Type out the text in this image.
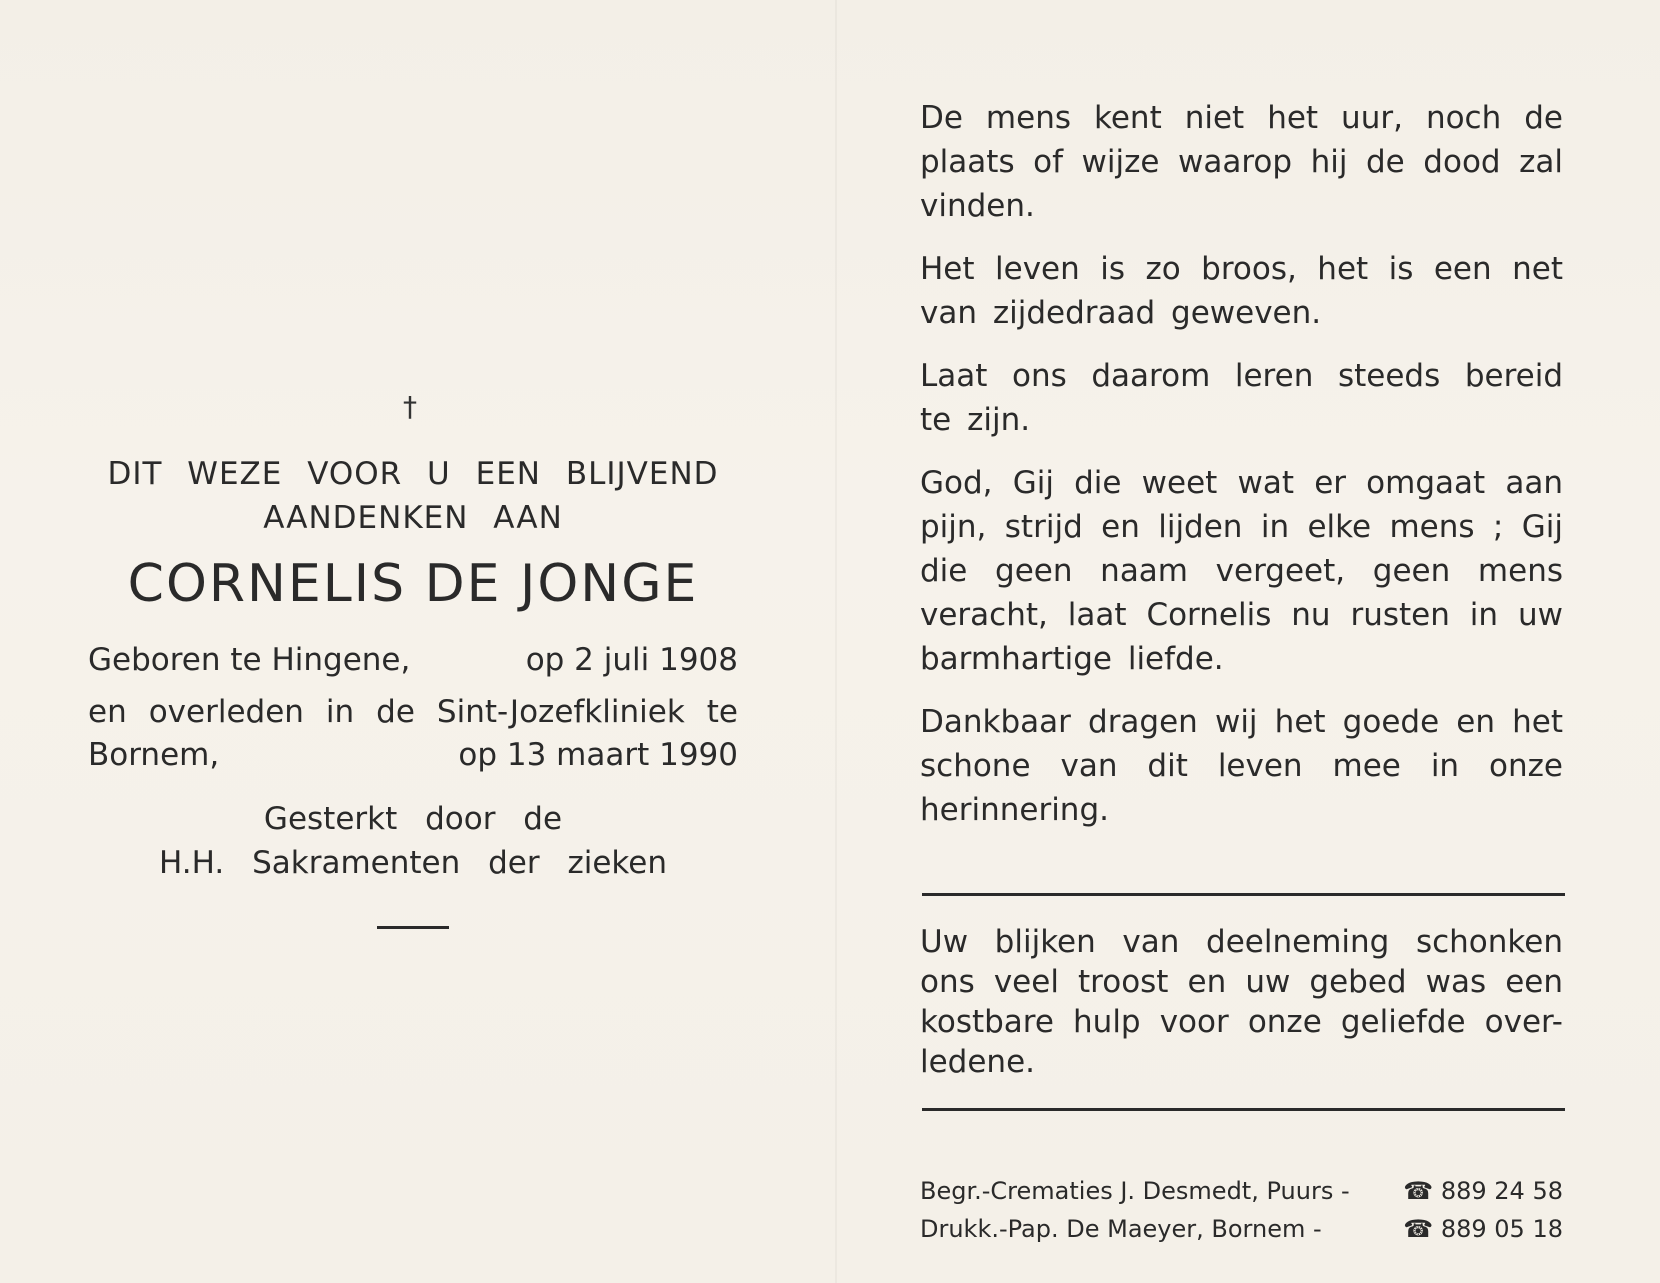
†
DIT WEZE VOOR U EEN BLIJVEND
AANDENKEN AAN
CORNELIS DE JONGE
Geboren te Hingene,	op 2 juli 1908
en overleden in de Sint-Jozefkliniek te
Bornem,	op 13 maart 1990
Gesterkt door de
H.H. Sakramenten der zieken

De mens kent niet het uur, noch de plaats of wijze waarop hij de dood zal vinden.

Het leven is zo broos, het is een net van zijdedraad geweven.

Laat ons daarom leren steeds bereid te zijn.

God, Gij die weet wat er omgaat aan pijn, strijd en lijden in elke mens ; Gij die geen naam vergeet, geen mens veracht, laat Cornelis nu rusten in uw barmhartige liefde.

Dankbaar dragen wij het goede en het schone van dit leven mee in onze herinnering.

Uw blijken van deelneming schonken ons veel troost en uw gebed was een kostbare hulp voor onze geliefde over-ledene.

Begr.-Crematies J. Desmedt, Puurs - ☎ 889 24 58
Drukk.-Pap. De Maeyer, Bornem -	☎ 889 05 18
